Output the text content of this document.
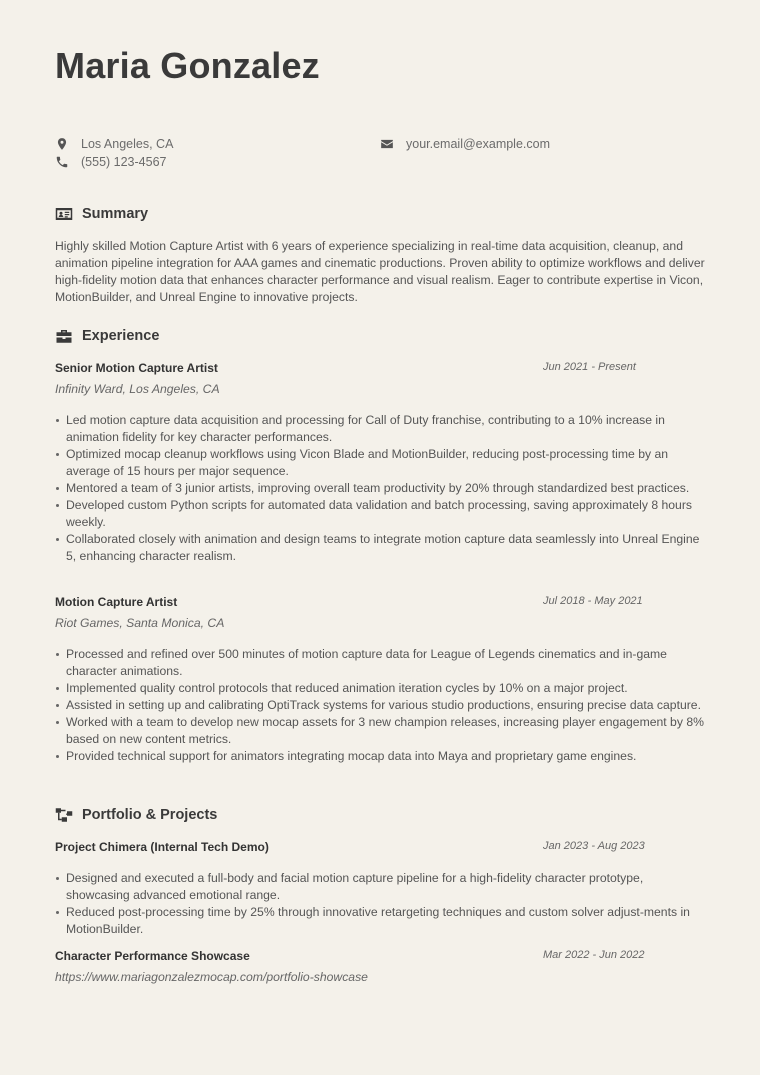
Maria Gonzalez
Los Angeles, CA
(555) 123-4567
your.email@example.com
Summary

Highly skilled Motion Capture Artist with 6 years of experience specializing in real-time data acquisition, cleanup, and animation pipeline integration for AAA games and cinematic productions. Proven ability to optimize workflows and deliver high-fidelity motion data that enhances character performance and visual realism. Eager to contribute expertise in Vicon, MotionBuilder, and Unreal Engine to innovative projects.

Experience
Senior Motion Capture Artist	Jun 2021 - Present
Infinity Ward, Los Angeles, CA
Led motion capture data acquisition and processing for Call of Duty franchise, contributing to a 10% increase in animation fidelity for key character performances.
Optimized mocap cleanup workflows using Vicon Blade and MotionBuilder, reducing post-processing time by an average of 15 hours per major sequence.
Mentored a team of 3 junior artists, improving overall team productivity by 20% through standardized best practices.
Developed custom Python scripts for automated data validation and batch processing, saving approximately 8 hours weekly.
Collaborated closely with animation and design teams to integrate motion capture data seamlessly into Unreal Engine 5, enhancing character realism.
Motion Capture Artist	Jul 2018 - May 2021
Riot Games, Santa Monica, CA
Processed and refined over 500 minutes of motion capture data for League of Legends cinematics and in-game character animations.
Implemented quality control protocols that reduced animation iteration cycles by 10% on a major project.
Assisted in setting up and calibrating OptiTrack systems for various studio productions, ensuring precise data capture.
Worked with a team to develop new mocap assets for 3 new champion releases, increasing player engagement by 8% based on new content metrics.
Provided technical support for animators integrating mocap data into Maya and proprietary game engines.
Portfolio & Projects
Project Chimera (Internal Tech Demo)	Jan 2023 - Aug 2023
Designed and executed a full-body and facial motion capture pipeline for a high-fidelity character prototype, showcasing advanced emotional range.
Reduced post-processing time by 25% through innovative retargeting techniques and custom solver adjust-ments in MotionBuilder.
Character Performance Showcase	Mar 2022 - Jun 2022
https://www.mariagonzalezmocap.com/portfolio-showcase
